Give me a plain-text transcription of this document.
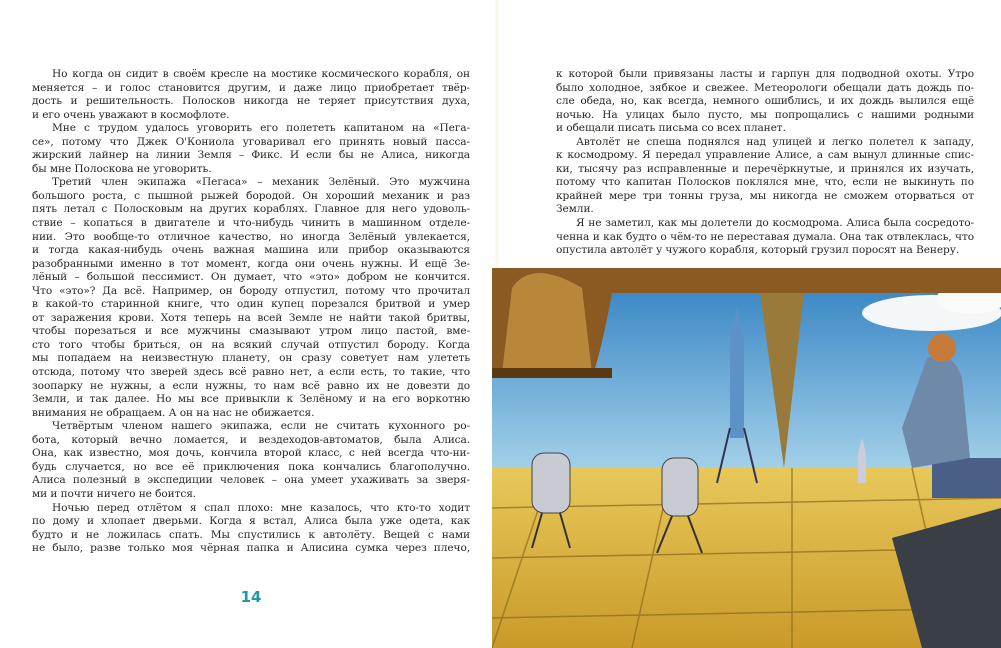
Но когда он сидит в своём кресле на мостике космического корабля, он
меняется – и голос становится другим, и даже лицо приобретает твёр-
дость и решительность. Полосков никогда не теряет присутствия духа,
и его очень уважают в космофлоте.
Мне с трудом удалось уговорить его полететь капитаном на «Пега-
се», потому что Джек О'Кониола уговаривал его принять новый пасса-
жирский лайнер на линии Земля – Фикс. И если бы не Алиса, никогда
бы мне Полоскова не уговорить.
Третий член экипажа «Пегаса» – механик Зелёный. Это мужчина
большого роста, с пышной рыжей бородой. Он хороший механик и раз
пять летал с Полосковым на других кораблях. Главное для него удоволь-
ствие – копаться в двигателе и что-нибудь чинить в машинном отделе-
нии. Это вообще-то отличное качество, но иногда Зелёный увлекается,
и тогда какая-нибудь очень важная машина или прибор оказываются
разобранными именно в тот момент, когда они очень нужны. И ещё Зе-
лёный – большой пессимист. Он думает, что «это» добром не кончится.
Что «это»? Да всё. Например, он бороду отпустил, потому что прочитал
в какой-то старинной книге, что один купец порезался бритвой и умер
от заражения крови. Хотя теперь на всей Земле не найти такой бритвы,
чтобы порезаться и все мужчины смазывают утром лицо пастой, вме-
сто того чтобы бриться, он на всякий случай отпустил бороду. Когда
мы попадаем на неизвестную планету, он сразу советует нам улететь
отсюда, потому что зверей здесь всё равно нет, а если есть, то такие, что
зоопарку не нужны, а если нужны, то нам всё равно их не довезти до
Земли, и так далее. Но мы все привыкли к Зелёному и на его воркотню
внимания не обращаем. А он на нас не обижается.
Четвёртым членом нашего экипажа, если не считать кухонного ро-
бота, который вечно ломается, и вездеходов-автоматов, была Алиса.
Она, как известно, моя дочь, кончила второй класс, с ней всегда что-ни-
будь случается, но все её приключения пока кончались благополучно.
Алиса полезный в экспедиции человек – она умеет ухаживать за зверя-
ми и почти ничего не боится.
Ночью перед отлётом я спал плохо: мне казалось, что кто-то ходит
по дому и хлопает дверьми. Когда я встал, Алиса была уже одета, как
будто и не ложилась спать. Мы спустились к автолёту. Вещей с нами
не было, разве только моя чёрная папка и Алисина сумка через плечо,
к которой были привязаны ласты и гарпун для подводной охоты. Утро
было холодное, зябкое и свежее. Метеорологи обещали дать дождь по-
сле обеда, но, как всегда, немного ошиблись, и их дождь вылился ещё
ночью. На улицах было пусто, мы попрощались с нашими родными
и обещали писать письма со всех планет.
Автолёт не спеша поднялся над улицей и легко полетел к западу,
к космодрому. Я передал управление Алисе, а сам вынул длинные спис-
ки, тысячу раз исправленные и перечёркнутые, и принялся их изучать,
потому что капитан Полосков поклялся мне, что, если не выкинуть по
крайней мере три тонны груза, мы никогда не сможем оторваться от
Земли.
Я не заметил, как мы долетели до космодрома. Алиса была сосредото-
ченна и как будто о чём-то не переставая думала. Она так отвлеклась, что
опустила автолёт у чужого корабля, который грузил поросят на Венеру.
14
